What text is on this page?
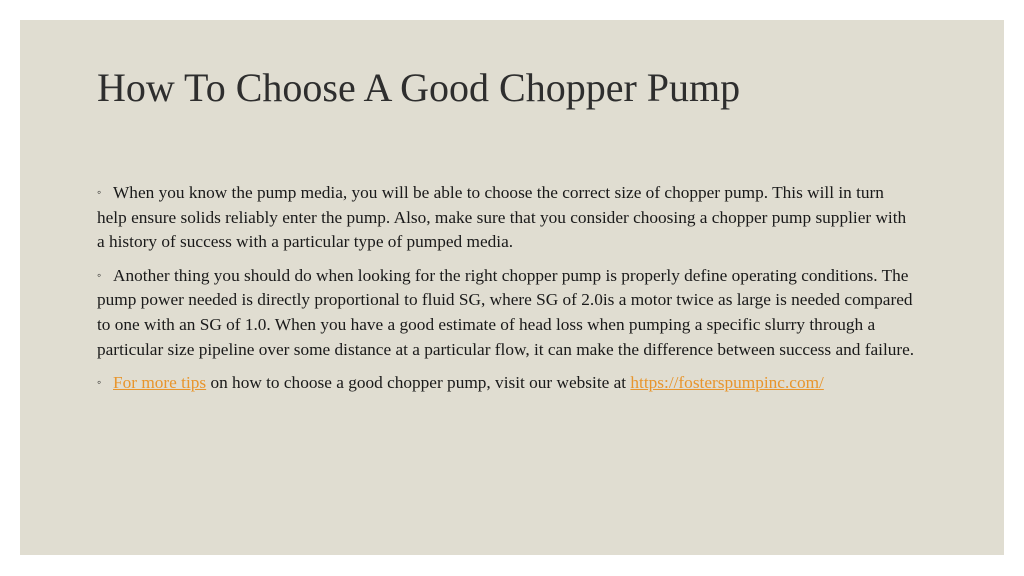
How To Choose A Good Chopper Pump
◦ When you know the pump media, you will be able to choose the correct size of chopper pump. This will in turn help ensure solids reliably enter the pump. Also, make sure that you consider choosing a chopper pump supplier with a history of success with a particular type of pumped media.
◦ Another thing you should do when looking for the right chopper pump is properly define operating conditions. The pump power needed is directly proportional to fluid SG, where SG of 2.0is a motor twice as large is needed compared to one with an SG of 1.0. When you have a good estimate of head loss when pumping a specific slurry through a particular size pipeline over some distance at a particular flow, it can make the difference between success and failure.
◦ For more tips on how to choose a good chopper pump, visit our website at https://fosterspumpinc.com/
